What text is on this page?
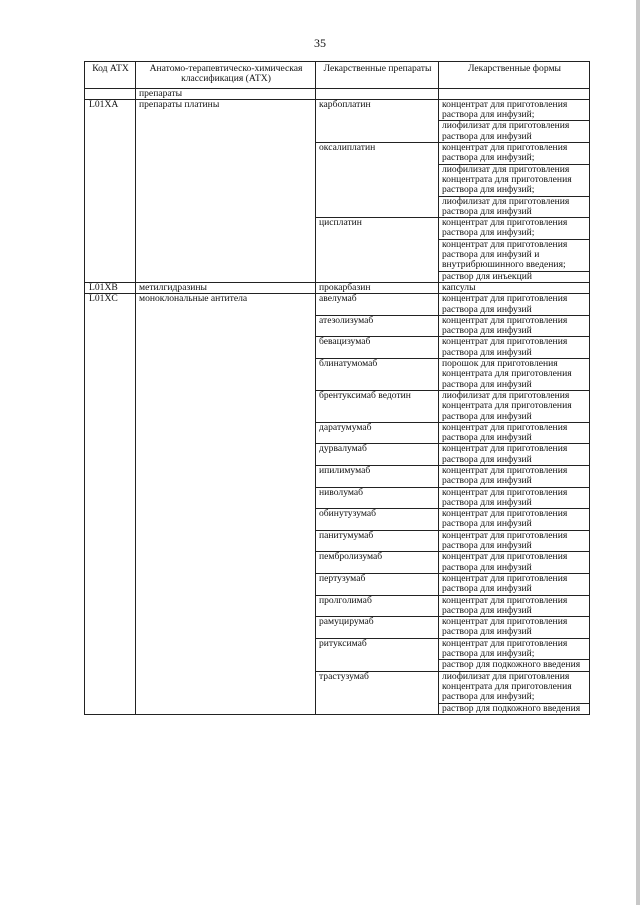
35
Код АТХ	Анатомо-терапевтическо-химическая классификация (АТХ)	Лекарственные препараты	Лекарственные формы
	препараты		
L01XA	препараты платины	карбоплатин	концентрат для приготовления раствора для инфузий;
			лиофилизат для приготовления раствора для инфузий
		оксалиплатин	концентрат для приготовления раствора для инфузий;
			лиофилизат для приготовления концентрата для приготовления раствора для инфузий;
			лиофилизат для приготовления раствора для инфузий
		цисплатин	концентрат для приготовления раствора для инфузий;
			концентрат для приготовления раствора для инфузий и внутрибрюшинного введения;
			раствор для инъекций
L01XB	метилгидразины	прокарбазин	капсулы
L01XC	моноклональные антитела	авелумаб	концентрат для приготовления раствора для инфузий
		атезолизумаб	концентрат для приготовления раствора для инфузий
		бевацизумаб	концентрат для приготовления раствора для инфузий
		блинатумомаб	порошок для приготовления концентрата для приготовления раствора для инфузий
		брентуксимаб ведотин	лиофилизат для приготовления концентрата для приготовления раствора для инфузий
		даратумумаб	концентрат для приготовления раствора для инфузий
		дурвалумаб	концентрат для приготовления раствора для инфузий
		ипилимумаб	концентрат для приготовления раствора для инфузий
		ниволумаб	концентрат для приготовления раствора для инфузий
		обинутузумаб	концентрат для приготовления раствора для инфузий
		панитумумаб	концентрат для приготовления раствора для инфузий
		пембролизумаб	концентрат для приготовления раствора для инфузий
		пертузумаб	концентрат для приготовления раствора для инфузий
		пролголимаб	концентрат для приготовления раствора для инфузий
		рамуцирумаб	концентрат для приготовления раствора для инфузий
		ритуксимаб	концентрат для приготовления раствора для инфузий;
			раствор для подкожного введения
		трастузумаб	лиофилизат для приготовления концентрата для приготовления раствора для инфузий;
			раствор для подкожного введения
